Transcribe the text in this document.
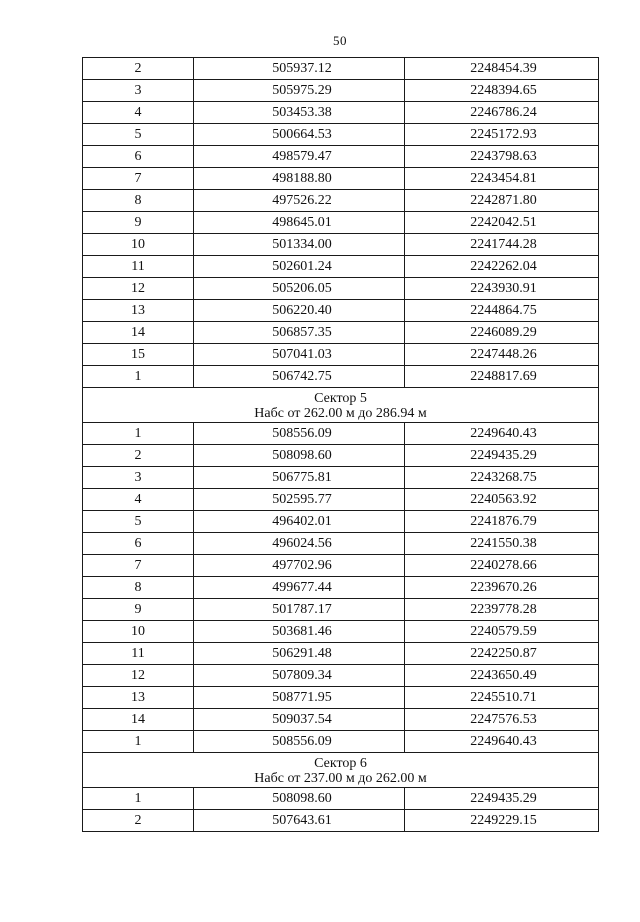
50
2	505937.12	2248454.39
3	505975.29	2248394.65
4	503453.38	2246786.24
5	500664.53	2245172.93
6	498579.47	2243798.63
7	498188.80	2243454.81
8	497526.22	2242871.80
9	498645.01	2242042.51
10	501334.00	2241744.28
11	502601.24	2242262.04
12	505206.05	2243930.91
13	506220.40	2244864.75
14	506857.35	2246089.29
15	507041.03	2247448.26
1	506742.75	2248817.69

Сектор 5
Набс от 262.00 м до 286.94 м		

1	508556.09	2249640.43
2	508098.60	2249435.29
3	506775.81	2243268.75
4	502595.77	2240563.92
5	496402.01	2241876.79
6	496024.56	2241550.38
7	497702.96	2240278.66
8	499677.44	2239670.26
9	501787.17	2239778.28
10	503681.46	2240579.59
11	506291.48	2242250.87
12	507809.34	2243650.49
13	508771.95	2245510.71
14	509037.54	2247576.53
1	508556.09	2249640.43

Сектор 6
Набс от 237.00 м до 262.00 м		

1	508098.60	2249435.29
2	507643.61	2249229.15
